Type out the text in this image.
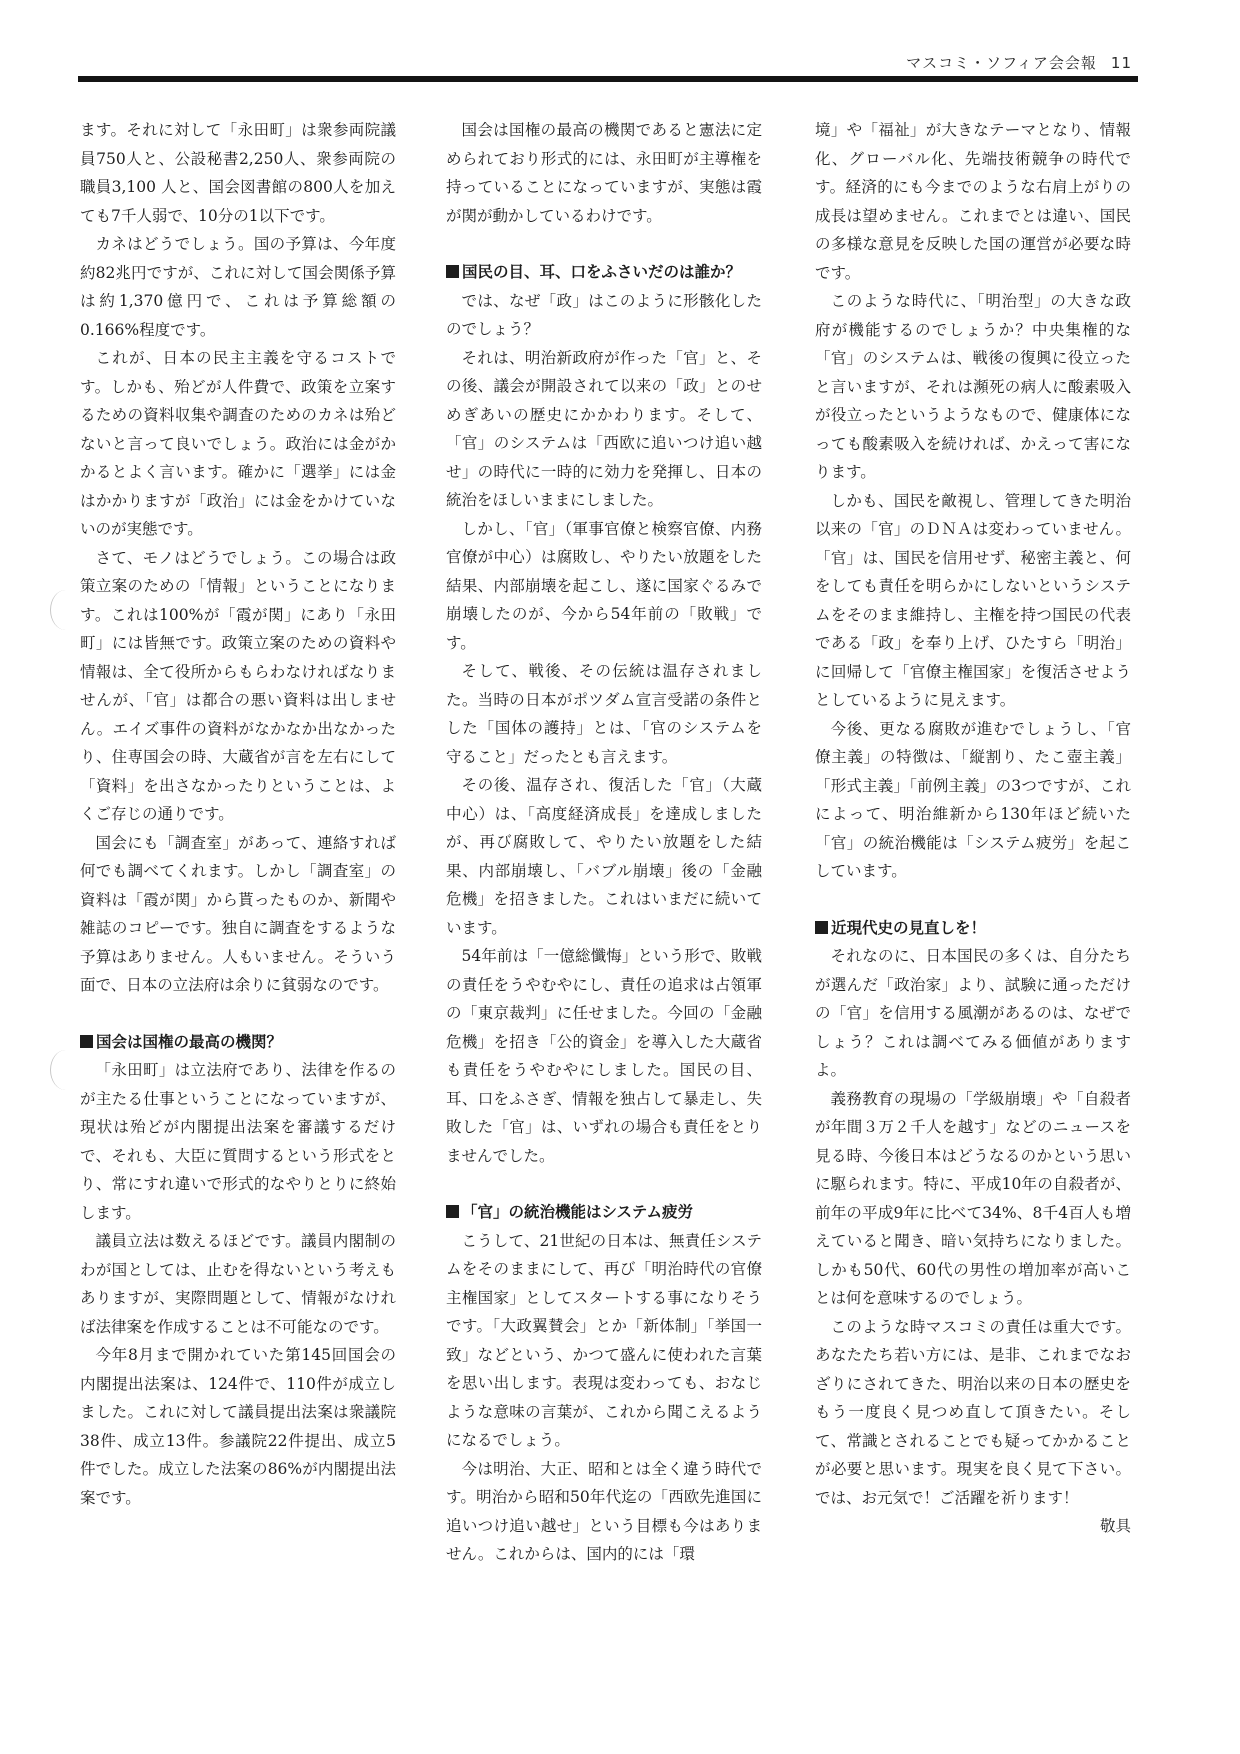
マスコミ・ソフィア会会報 11

ます。それに対して「永田町」は衆参両院議員750人と、公設秘書2,250人、衆参両院の職員3,100 人と、国会図書館の800人を加えても7千人弱で、10分の1以下です。

カネはどうでしょう。国の予算は、今年度約82兆円ですが、これに対して国会関係予算は約1,370億円で、これは予算総額の0.166%程度です。

これが、日本の民主主義を守るコストです。しかも、殆どが人件費で、政策を立案するための資料収集や調査のためのカネは殆どないと言って良いでしょう。政治には金がかかるとよく言います。確かに「選挙」には金はかかりますが「政治」には金をかけていないのが実態です。

さて、モノはどうでしょう。この場合は政策立案のための「情報」ということになります。これは100%が「霞が関」にあり「永田町」には皆無です。政策立案のための資料や情報は、全て役所からもらわなければなりませんが、「官」は都合の悪い資料は出しません。エイズ事件の資料がなかなか出なかったり、住専国会の時、大蔵省が言を左右にして「資料」を出さなかったりということは、よくご存じの通りです。

国会にも「調査室」があって、連絡すれば何でも調べてくれます。しかし「調査室」の資料は「霞が関」から貰ったものか、新聞や雑誌のコピーです。独自に調査をするような予算はありません。人もいません。そういう面で、日本の立法府は余りに貧弱なのです。

国会は国権の最高の機関？

「永田町」は立法府であり、法律を作るのが主たる仕事ということになっていますが、現状は殆どが内閣提出法案を審議するだけで、それも、大臣に質問するという形式をとり、常にすれ違いで形式的なやりとりに終始します。

議員立法は数えるほどです。議員内閣制のわが国としては、止むを得ないという考えもありますが、実際問題として、情報がなければ法律案を作成することは不可能なのです。

今年8月まで開かれていた第145回国会の内閣提出法案は、124件で、110件が成立しました。これに対して議員提出法案は衆議院38件、成立13件。参議院22件提出、成立5件でした。成立した法案の86%が内閣提出法案です。

国会は国権の最高の機関であると憲法に定められており形式的には、永田町が主導権を持っていることになっていますが、実態は霞が関が動かしているわけです。

国民の目、耳、口をふさいだのは誰か？

では、なぜ「政」はこのように形骸化したのでしょう？

それは、明治新政府が作った「官」と、その後、議会が開設されて以来の「政」とのせめぎあいの歴史にかかわります。そして、「官」のシステムは「西欧に追いつけ追い越せ」の時代に一時的に効力を発揮し、日本の統治をほしいままにしました。

しかし、「官」（軍事官僚と検察官僚、内務官僚が中心）は腐敗し、やりたい放題をした結果、内部崩壊を起こし、遂に国家ぐるみで崩壊したのが、今から54年前の「敗戦」です。

そして、戦後、その伝統は温存されました。当時の日本がポツダム宣言受諾の条件とした「国体の護持」とは、「官のシステムを守ること」だったとも言えます。

その後、温存され、復活した「官」（大蔵中心）は、「高度経済成長」を達成しましたが、再び腐敗して、やりたい放題をした結果、内部崩壊し、「バブル崩壊」後の「金融危機」を招きました。これはいまだに続いています。

54年前は「一億総懺悔」という形で、敗戦の責任をうやむやにし、責任の追求は占領軍の「東京裁判」に任せました。今回の「金融危機」を招き「公的資金」を導入した大蔵省も責任をうやむやにしました。国民の目、耳、口をふさぎ、情報を独占して暴走し、失敗した「官」は、いずれの場合も責任をとりませんでした。

「官」の統治機能はシステム疲労

こうして、21世紀の日本は、無責任システムをそのままにして、再び「明治時代の官僚主権国家」としてスタートする事になりそうです。「大政翼賛会」とか「新体制」「挙国一致」などという、かつて盛んに使われた言葉を思い出します。表現は変わっても、おなじような意味の言葉が、これから聞こえるようになるでしょう。

今は明治、大正、昭和とは全く違う時代です。明治から昭和50年代迄の「西欧先進国に追いつけ追い越せ」という目標も今はありません。これからは、国内的には「環

境」や「福祉」が大きなテーマとなり、情報化、グローバル化、先端技術競争の時代です。経済的にも今までのような右肩上がりの成長は望めません。これまでとは違い、国民の多様な意見を反映した国の運営が必要な時です。

このような時代に、「明治型」の大きな政府が機能するのでしょうか？中央集権的な「官」のシステムは、戦後の復興に役立ったと言いますが、それは瀕死の病人に酸素吸入が役立ったというようなもので、健康体になっても酸素吸入を続ければ、かえって害になります。

しかも、国民を敵視し、管理してきた明治以来の「官」のＤＮＡは変わっていません。「官」は、国民を信用せず、秘密主義と、何をしても責任を明らかにしないというシステムをそのまま維持し、主権を持つ国民の代表である「政」を奉り上げ、ひたすら「明治」に回帰して「官僚主権国家」を復活させようとしているように見えます。

今後、更なる腐敗が進むでしょうし、「官僚主義」の特徴は、「縦割り、たこ壺主義」「形式主義」「前例主義」の3つですが、これによって、明治維新から130年ほど続いた「官」の統治機能は「システム疲労」を起こしています。

近現代史の見直しを！

それなのに、日本国民の多くは、自分たちが選んだ「政治家」より、試験に通っただけの「官」を信用する風潮があるのは、なぜでしょう？これは調べてみる価値がありますよ。

義務教育の現場の「学級崩壊」や「自殺者が年間３万２千人を越す」などのニュースを見る時、今後日本はどうなるのかという思いに駆られます。特に、平成10年の自殺者が、前年の平成9年に比べて34%、8千4百人も増えていると聞き、暗い気持ちになりました。しかも50代、60代の男性の増加率が高いことは何を意味するのでしょう。

このような時マスコミの責任は重大です。あなたたち若い方には、是非、これまでなおざりにされてきた、明治以来の日本の歴史をもう一度良く見つめ直して頂きたい。そして、常識とされることでも疑ってかかることが必要と思います。現実を良く見て下さい。では、お元気で！ご活躍を祈ります！

敬具
